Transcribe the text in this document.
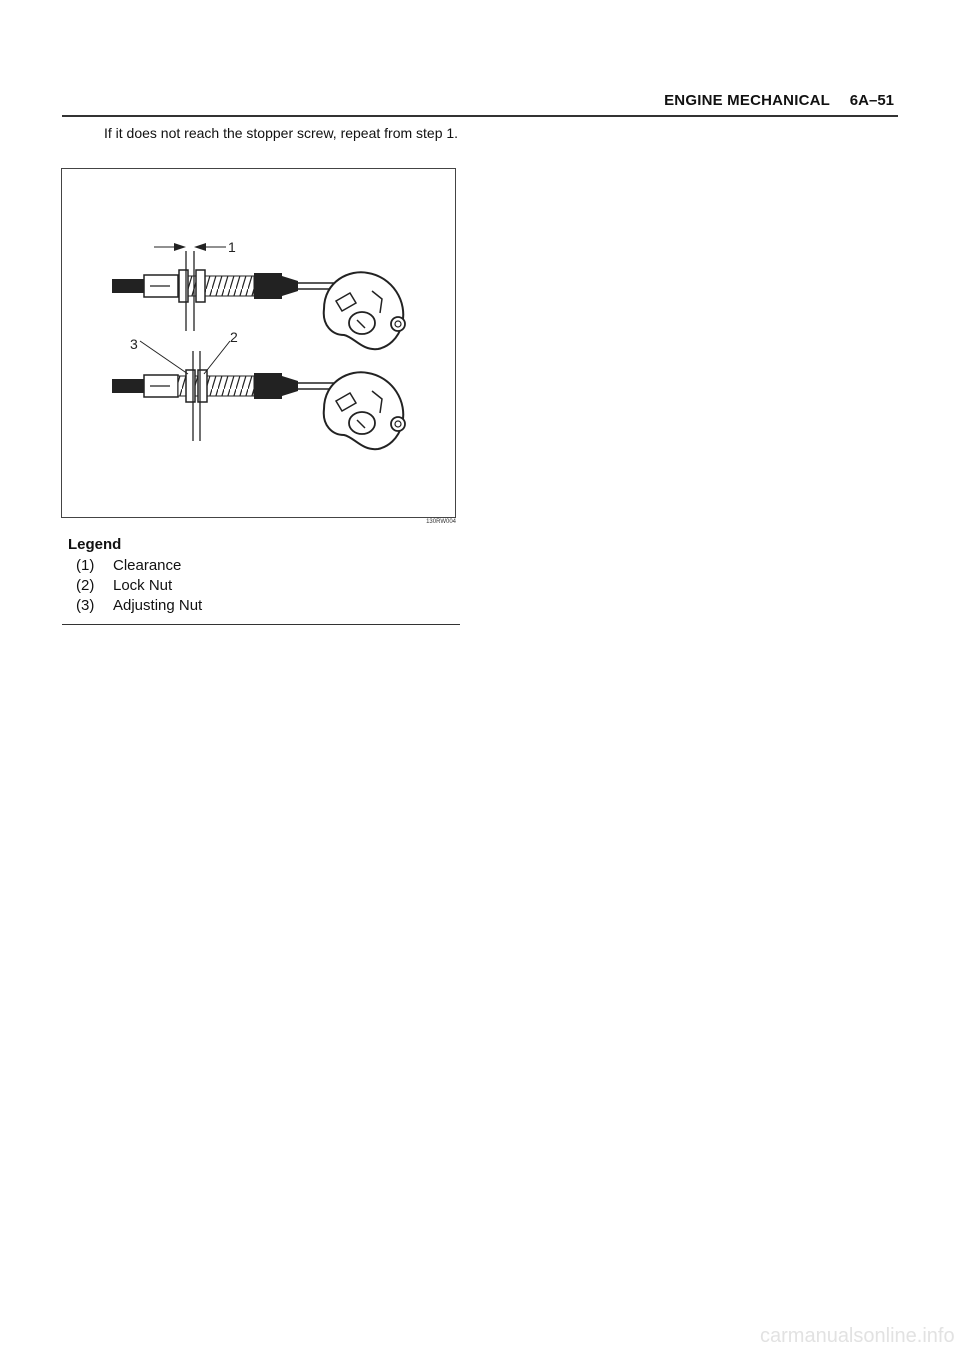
ENGINE MECHANICAL 6A–51
If it does not reach the stopper screw, repeat from step 1.
1
2
3
130RW004
Legend
(1)	Clearance
(2)	Lock Nut
(3)	Adjusting Nut
carmanualsonline.info
